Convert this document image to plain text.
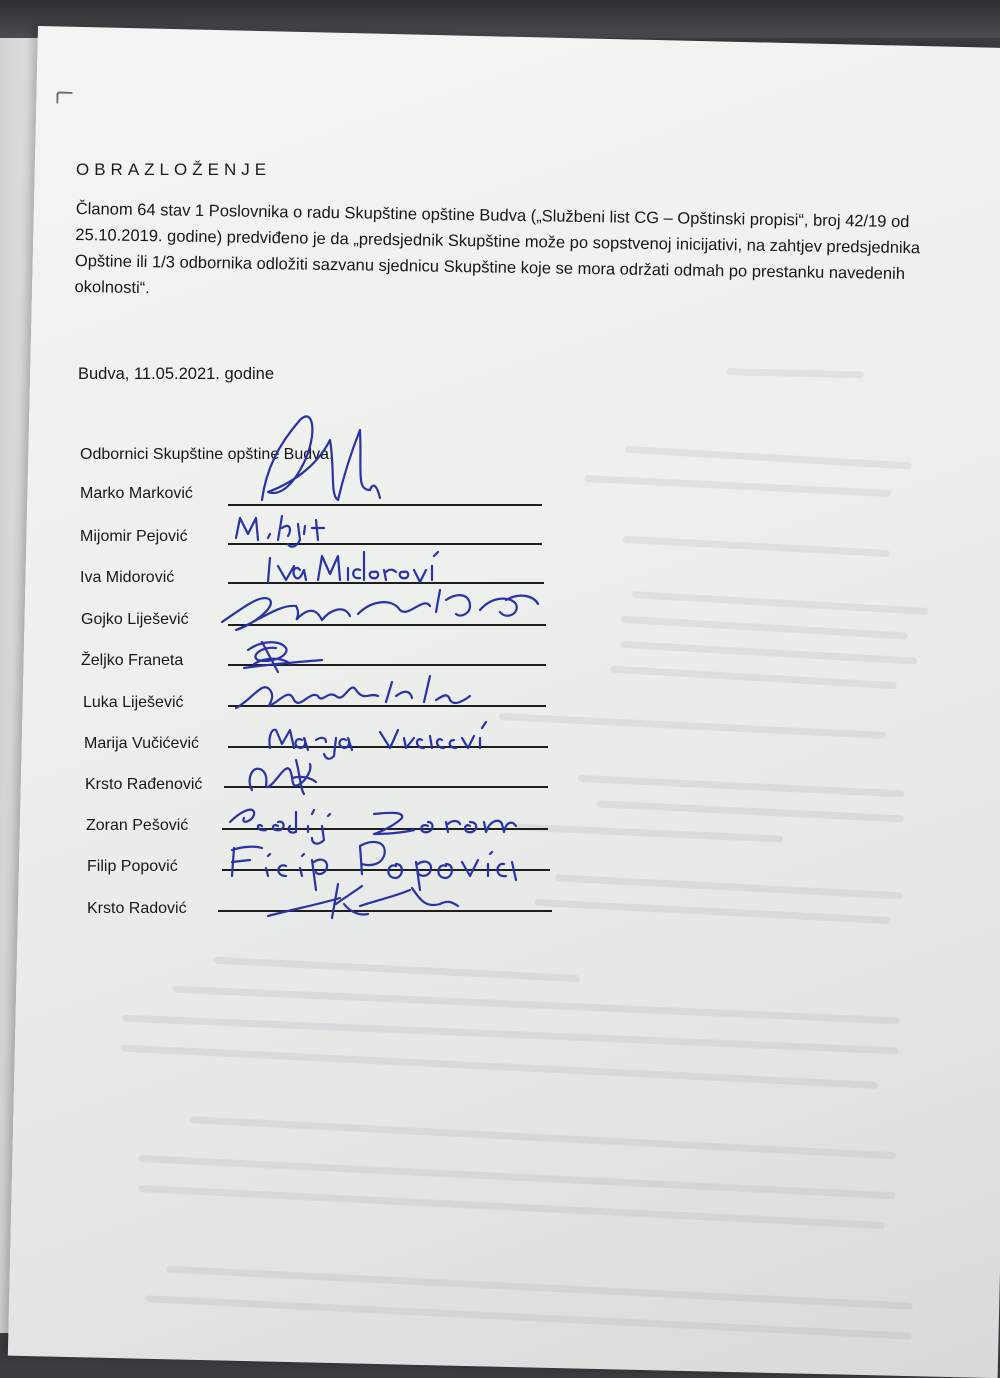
OBRAZLOŽENJE

Članom 64 stav 1 Poslovnika o radu Skupštine opštine Budva („Službeni list CG – Opštinski propisi“, broj 42/19 od 25.10.2019. godine) predviđeno je da „predsjednik Skupštine može po sopstvenoj inicijativi, na zahtjev predsjednika Opštine ili 1/3 odbornika odložiti sazvanu sjednicu Skupštine koje se mora održati odmah po prestanku navedenih okolnosti“.

Budva, 11.05.2021. godine
Odbornici Skupštine opštine Budva:
Marko Marković
Mijomir Pejović
Iva Midorović
Gojko Liješević
Željko Franeta
Luka Liješević
Marija Vučićević
Krsto Rađenović
Zoran Pešović
Filip Popović
Krsto Radović
